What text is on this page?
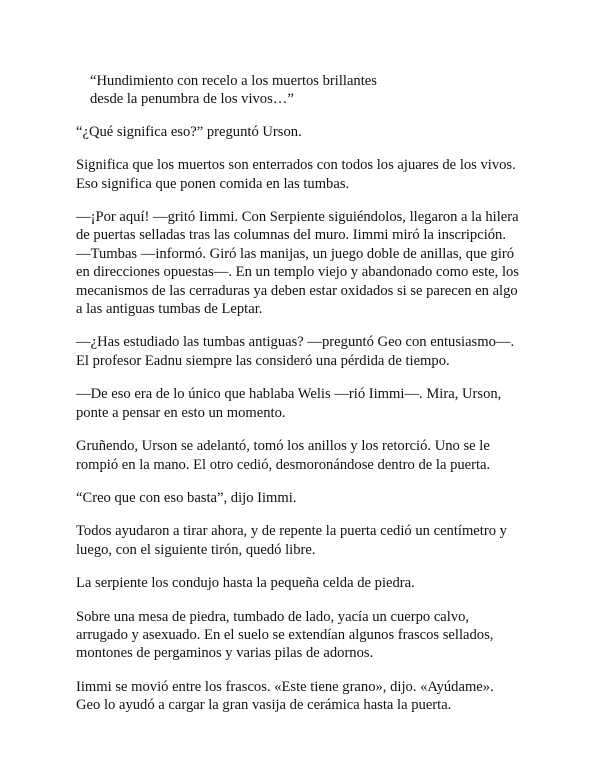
“Hundimiento con recelo a los muertos brillantes
desde la penumbra de los vivos…”

“¿Qué significa eso?” preguntó Urson.

Significa que los muertos son enterrados con todos los ajuares de los vivos.
Eso significa que ponen comida en las tumbas.

—¡Por aquí! —gritó Iimmi. Con Serpiente siguiéndolos, llegaron a la hilera
de puertas selladas tras las columnas del muro. Iimmi miró la inscripción.
—Tumbas —informó. Giró las manijas, un juego doble de anillas, que giró
en direcciones opuestas—. En un templo viejo y abandonado como este, los
mecanismos de las cerraduras ya deben estar oxidados si se parecen en algo
a las antiguas tumbas de Leptar.

—¿Has estudiado las tumbas antiguas? —preguntó Geo con entusiasmo—.
El profesor Eadnu siempre las consideró una pérdida de tiempo.

—De eso era de lo único que hablaba Welis —rió Iimmi—. Mira, Urson,
ponte a pensar en esto un momento.

Gruñendo, Urson se adelantó, tomó los anillos y los retorció. Uno se le
rompió en la mano. El otro cedió, desmoronándose dentro de la puerta.

“Creo que con eso basta”, dijo Iimmi.

Todos ayudaron a tirar ahora, y de repente la puerta cedió un centímetro y
luego, con el siguiente tirón, quedó libre.

La serpiente los condujo hasta la pequeña celda de piedra.

Sobre una mesa de piedra, tumbado de lado, yacía un cuerpo calvo,
arrugado y asexuado. En el suelo se extendían algunos frascos sellados,
montones de pergaminos y varias pilas de adornos.

Iimmi se movió entre los frascos. «Este tiene grano», dijo. «Ayúdame».
Geo lo ayudó a cargar la gran vasija de cerámica hasta la puerta.
